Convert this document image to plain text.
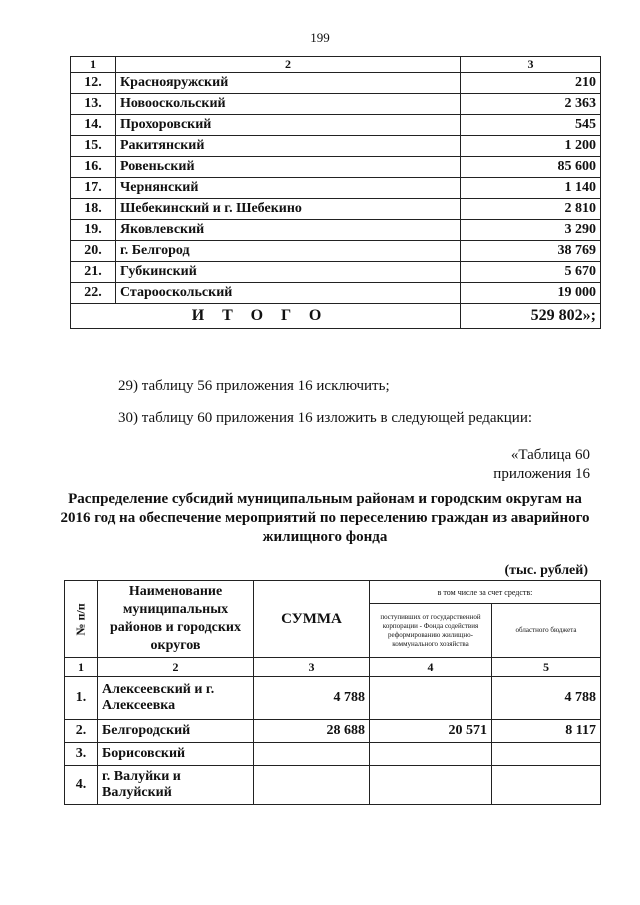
199
1	2	3
12.	Краснояружский	210
13.	Новооскольский	2 363
14.	Прохоровский	545
15.	Ракитянский	1 200
16.	Ровеньский	85 600
17.	Чернянский	1 140
18.	Шебекинский и г. Шебекино	2 810
19.	Яковлевский	3 290
20.	г. Белгород	38 769
21.	Губкинский	5 670
22.	Старооскольский	19 000
ИТОГО		529 802»;
29) таблицу 56 приложения 16 исключить;
30) таблицу 60 приложения 16 изложить в следующей редакции:
«Таблица 60
приложения 16
Распределение субсидий муниципальным районам и городским округам на 2016 год на обеспечение мероприятий по переселению граждан из аварийного жилищного фонда
(тыс. рублей)
№ п/п	Наименование муниципальных районов и городских округов	СУММА	в том числе за счет средств:	
			поступивших от государственной корпорации - Фонда содействия реформированию жилищно-коммунального хозяйства	областного бюджета
1	2	3	4	5
1.	Алексеевский и г. Алексеевка	4 788		4 788
2.	Белгородский	28 688	20 571	8 117
3.	Борисовский			
4.	г. Валуйки и Валуйский			
